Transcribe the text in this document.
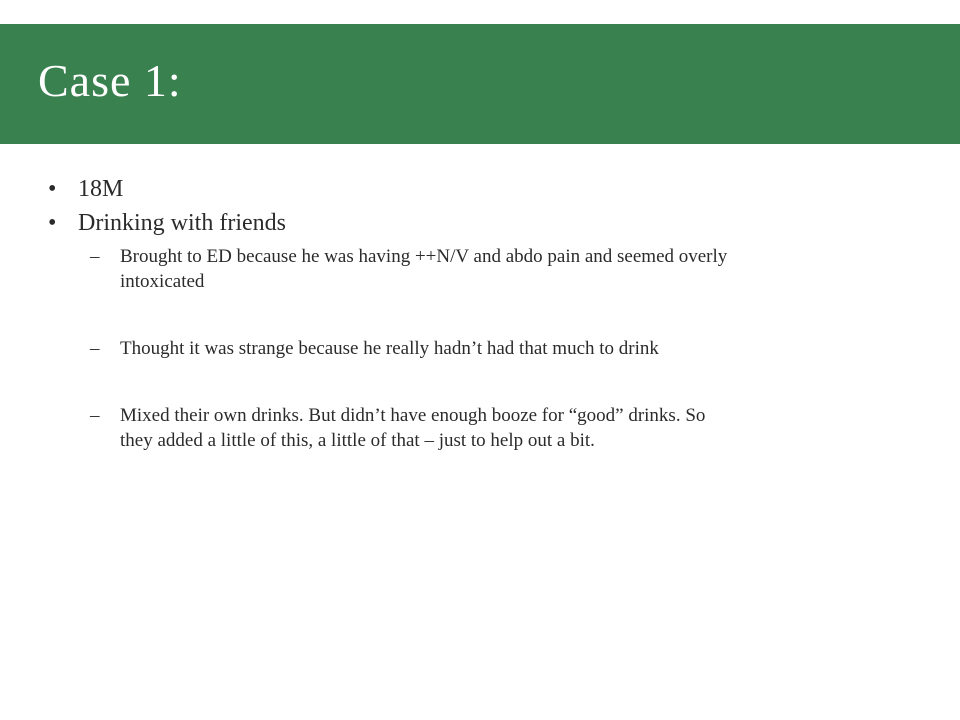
Case 1:
• 18M
• Drinking with friends
– Brought to ED because he was having ++N/V and abdo pain and seemed overly intoxicated
– Thought it was strange because he really hadn’t had that much to drink
– Mixed their own drinks. But didn’t have enough booze for “good” drinks. So they added a little of this, a little of that – just to help out a bit.
